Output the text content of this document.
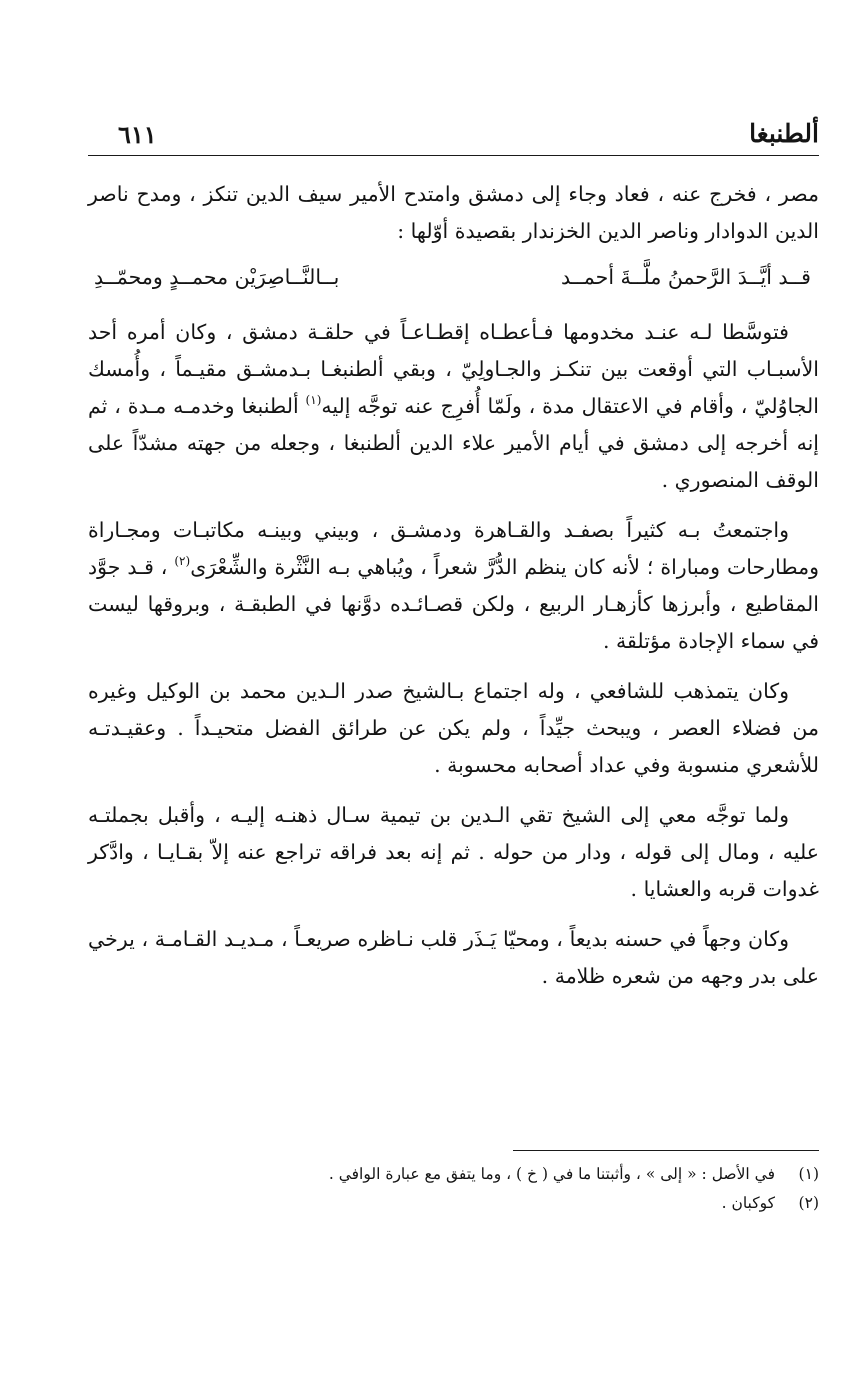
ألطنبغا
٦١١

مصر ، فخرج عنه ، فعاد وجاء إلى دمشق وامتدح الأمير سيف الدين تنكز ، ومدح ناصر الدين الدوادار وناصر الدين الخزندار بقصيدة أوّلها :

قــد أيَّــدَ الرَّحمنُ ملَّــةَ أحمــد
بــالنَّــاصِرَيْن محمــدٍ ومحمّــدِ

فتوسَّطا لـه عنـد مخدومها فـأعطـاه إقطـاعـاً في حلقـة دمشق ، وكان أمره أحد الأسبـاب التي أوقعت بين تنكـز والجـاولِيّ ، وبقي ألطنبغـا بـدمشـق مقيـماً ، وأُمسك الجاوُليّ ، وأقام في الاعتقال مدة ، ولَمّا أُفرِج عنه توجَّه إليه$^{(١)}$ ألطنبغا وخدمـه مـدة ، ثم إنه أخرجه إلى دمشق في أيام الأمير علاء الدين ألطنبغا ، وجعله من جهته مشدّاً على الوقف المنصوري .

واجتمعتُ بـه كثيراً بصفـد والقـاهرة ودمشـق ، وبيني وبينـه مكاتبـات ومجـاراة ومطارحات ومباراة ؛ لأنه كان ينظم الدُّرَّ شعراً ، ويُباهي بـه النَّثْرة والشِّعْرَى$^{(٢)}$ ، قـد جوَّد المقاطيع ، وأبرزها كأزهـار الربيع ، ولكن قصـائـده دوَّنها في الطبقـة ، وبروقها ليست في سماء الإجادة مؤتلقة .

وكان يتمذهب للشافعي ، وله اجتماع بـالشيخ صدر الـدين محمد بن الوكيل وغيره من فضلاء العصر ، ويبحث جيِّداً ، ولم يكن عن طرائق الفضل متحيـداً . وعقيـدتـه للأشعري منسوبة وفي عداد أصحابه محسوبة .

ولما توجَّه معي إلى الشيخ تقي الـدين بن تيمية سـال ذهنـه إليـه ، وأقبل بجملتـه عليه ، ومال إلى قوله ، ودار من حوله . ثم إنه بعد فراقه تراجع عنه إلاّ بقـايـا ، وادَّكر غدوات قربه والعشايا .

وكان وجهاً في حسنه بديعاً ، ومحيّا يَـذَر قلب نـاظره صريعـاً ، مـديـد القـامـة ، يرخي على بدر وجهه من شعره ظلامة .

(١)
في الأصل : « إلى » ، وأثبتنا ما في ( خ ) ، وما يتفق مع عبارة الوافي .
(٢)
كوكبان .
